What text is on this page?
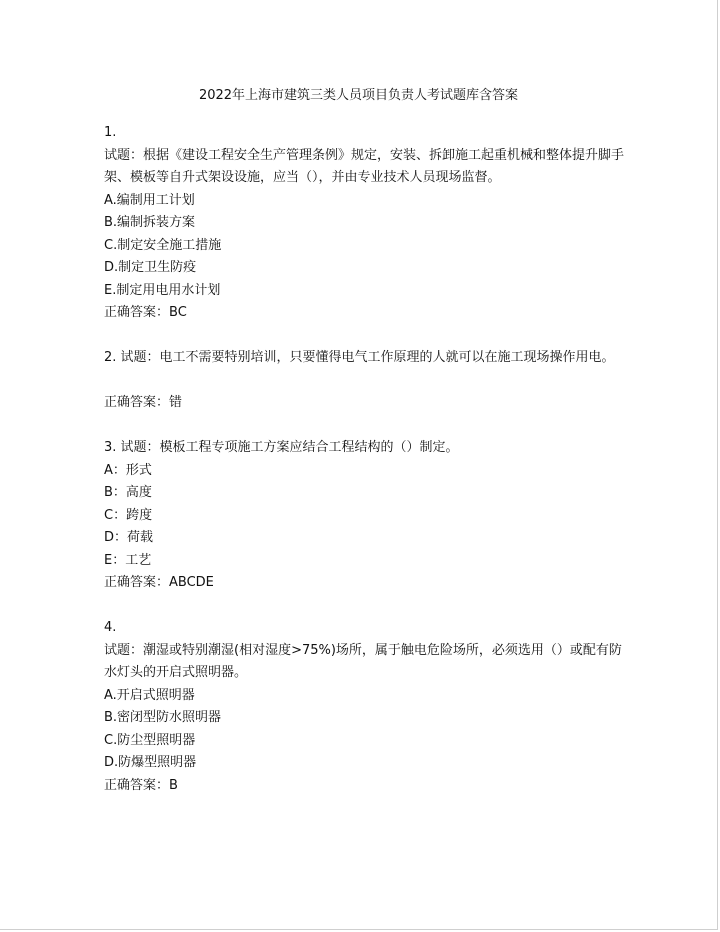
2022年上海市建筑三类人员项目负责人考试题库含答案
1.
试题：根据《建设工程安全生产管理条例》规定，安装、拆卸施工起重机械和整体提升脚手架、模板等自升式架设设施，应当（），并由专业技术人员现场监督。
A.编制用工计划
B.编制拆装方案
C.制定安全施工措施
D.制定卫生防疫
E.制定用电用水计划
正确答案：BC
2. 试题：电工不需要特别培训，只要懂得电气工作原理的人就可以在施工现场操作用电。
正确答案：错
3. 试题：模板工程专项施工方案应结合工程结构的（）制定。
A：形式
B：高度
C：跨度
D：荷载
E：工艺
正确答案：ABCDE
4.
试题：潮湿或特别潮湿(相对湿度>75%)场所，属于触电危险场所，必须选用（）或配有防水灯头的开启式照明器。
A.开启式照明器
B.密闭型防水照明器
C.防尘型照明器
D.防爆型照明器
正确答案：B
